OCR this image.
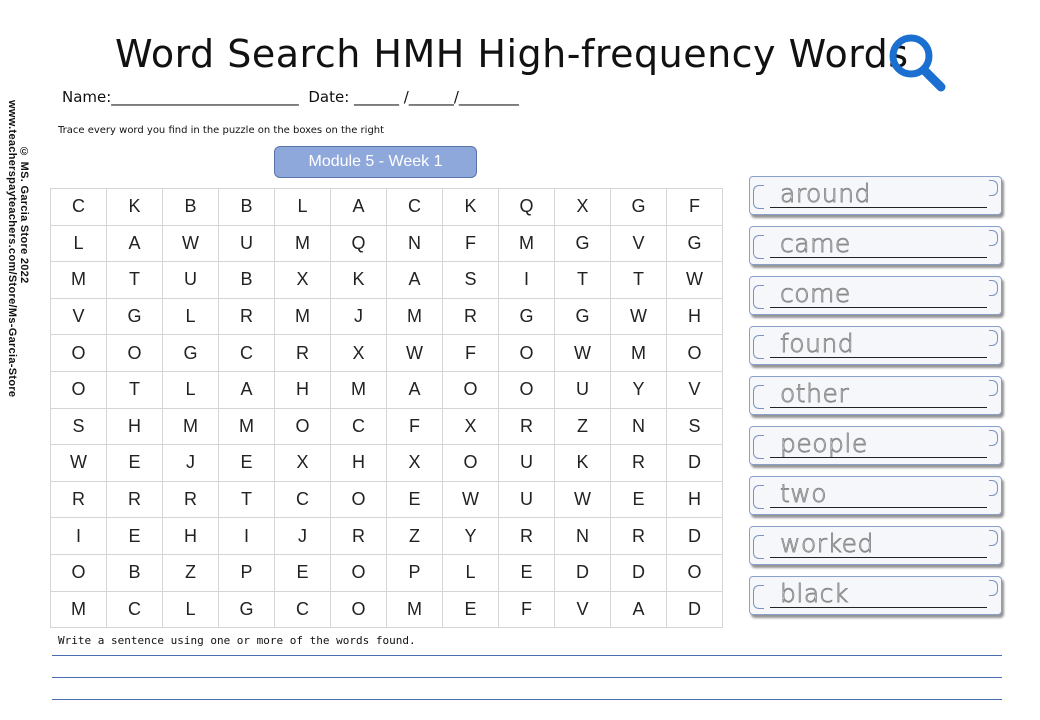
www.teacherspayteachers.com/Store/Ms-Garcia-Store © MS. Garcia Store 2022
Word Search HMH High-frequency Words
Name:_________________________  Date: ______ /______/________
Trace every word you find in the puzzle on the boxes on the right
Module 5 - Week 1
C	K	B	B	L	A	C	K	Q	X	G	F
L	A	W	U	M	Q	N	F	M	G	V	G
M	T	U	B	X	K	A	S	I	T	T	W
V	G	L	R	M	J	M	R	G	G	W	H
O	O	G	C	R	X	W	F	O	W	M	O
O	T	L	A	H	M	A	O	O	U	Y	V
S	H	M	M	O	C	F	X	R	Z	N	S
W	E	J	E	X	H	X	O	U	K	R	D
R	R	R	T	C	O	E	W	U	W	E	H
I	E	H	I	J	R	Z	Y	R	N	R	D
O	B	Z	P	E	O	P	L	E	D	D	O
M	C	L	G	C	O	M	E	F	V	A	D
around
came
come
found
other
people
two
worked
black
Write a sentence using one or more of the words found.
